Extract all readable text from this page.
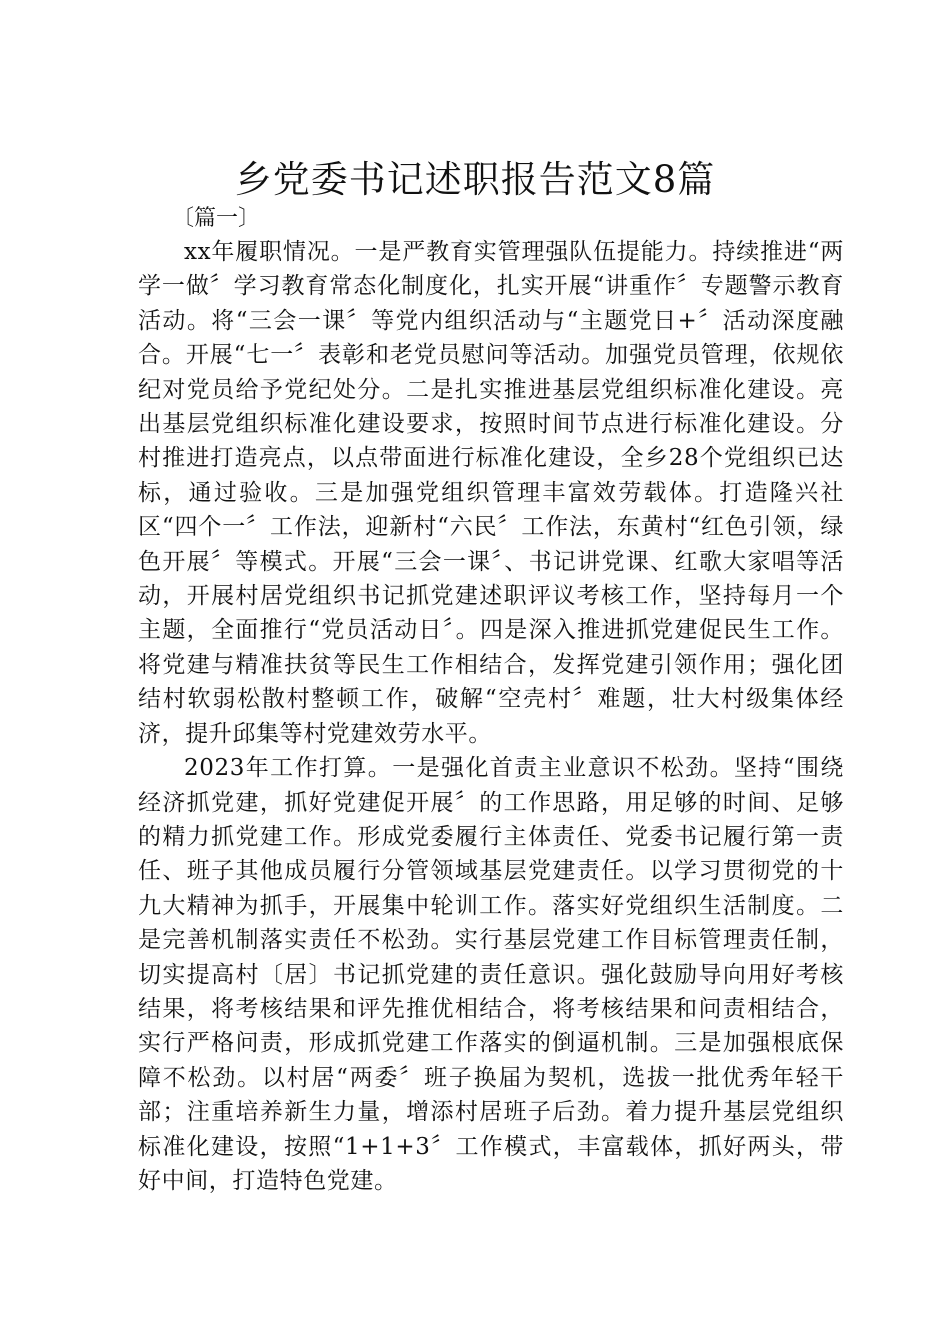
乡党委书记述职报告范文8篇

〔篇一〕

xx年履职情况。一是严教育实管理强队伍提能力。持续推进“两学一做〞学习教育常态化制度化，扎实开展“讲重作〞专题警示教育活动。将“三会一课〞等党内组织活动与“主题党日+〞活动深度融合。开展“七一〞表彰和老党员慰问等活动。加强党员管理，依规依纪对党员给予党纪处分。二是扎实推进基层党组织标准化建设。亮出基层党组织标准化建设要求，按照时间节点进行标准化建设。分村推进打造亮点，以点带面进行标准化建设，全乡28个党组织已达标，通过验收。三是加强党组织管理丰富效劳载体。打造隆兴社区“四个一〞工作法，迎新村“六民〞工作法，东黄村“红色引领，绿色开展〞等模式。开展“三会一课〞、书记讲党课、红歌大家唱等活动，开展村居党组织书记抓党建述职评议考核工作，坚持每月一个主题，全面推行“党员活动日〞。四是深入推进抓党建促民生工作。将党建与精准扶贫等民生工作相结合，发挥党建引领作用；强化团结村软弱松散村整顿工作，破解“空壳村〞难题，壮大村级集体经济，提升邱集等村党建效劳水平。

2023年工作打算。一是强化首责主业意识不松劲。坚持“围绕经济抓党建，抓好党建促开展〞的工作思路，用足够的时间、足够的精力抓党建工作。形成党委履行主体责任、党委书记履行第一责任、班子其他成员履行分管领域基层党建责任。以学习贯彻党的十九大精神为抓手，开展集中轮训工作。落实好党组织生活制度。二是完善机制落实责任不松劲。实行基层党建工作目标管理责任制，切实提高村〔居〕书记抓党建的责任意识。强化鼓励导向用好考核结果，将考核结果和评先推优相结合，将考核结果和问责相结合，实行严格问责，形成抓党建工作落实的倒逼机制。三是加强根底保障不松劲。以村居“两委〞班子换届为契机，选拔一批优秀年轻干部；注重培养新生力量，增添村居班子后劲。着力提升基层党组织标准化建设，按照“1+1+3〞工作模式，丰富载体，抓好两头，带好中间，打造特色党建。
